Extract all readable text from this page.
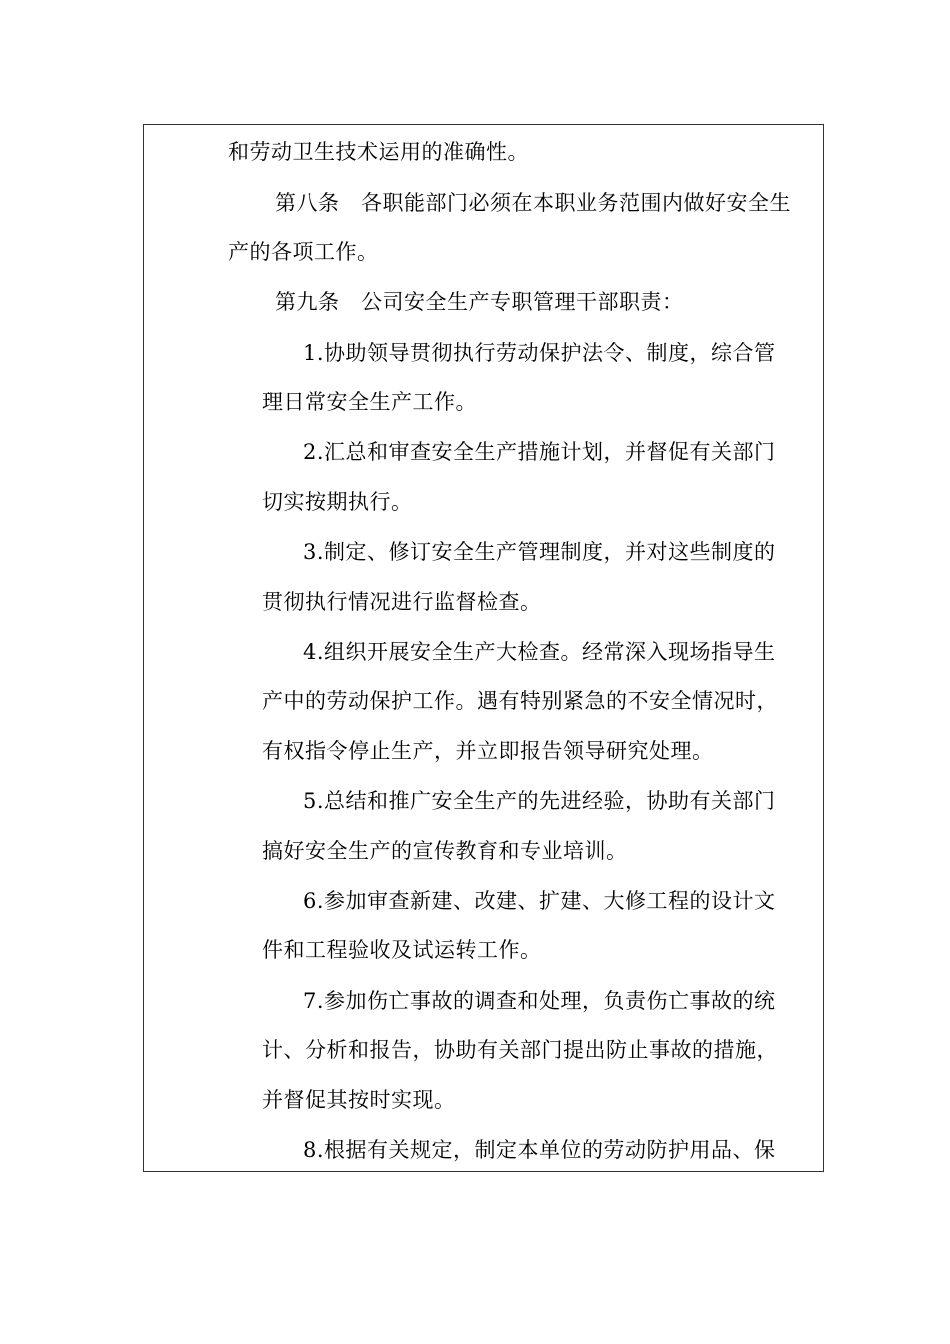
和劳动卫生技术运用的准确性。
第八条　各职能部门必须在本职业务范围内做好安全生
产的各项工作。
第九条　公司安全生产专职管理干部职责：
1.协助领导贯彻执行劳动保护法令、制度，综合管
理日常安全生产工作。
2.汇总和审查安全生产措施计划，并督促有关部门
切实按期执行。
3.制定、修订安全生产管理制度，并对这些制度的
贯彻执行情况进行监督检查。
4.组织开展安全生产大检查。经常深入现场指导生
产中的劳动保护工作。遇有特别紧急的不安全情况时，
有权指令停止生产，并立即报告领导研究处理。
5.总结和推广安全生产的先进经验，协助有关部门
搞好安全生产的宣传教育和专业培训。
6.参加审查新建、改建、扩建、大修工程的设计文
件和工程验收及试运转工作。
7.参加伤亡事故的调查和处理，负责伤亡事故的统
计、分析和报告，协助有关部门提出防止事故的措施，
并督促其按时实现。
8.根据有关规定，制定本单位的劳动防护用品、保
